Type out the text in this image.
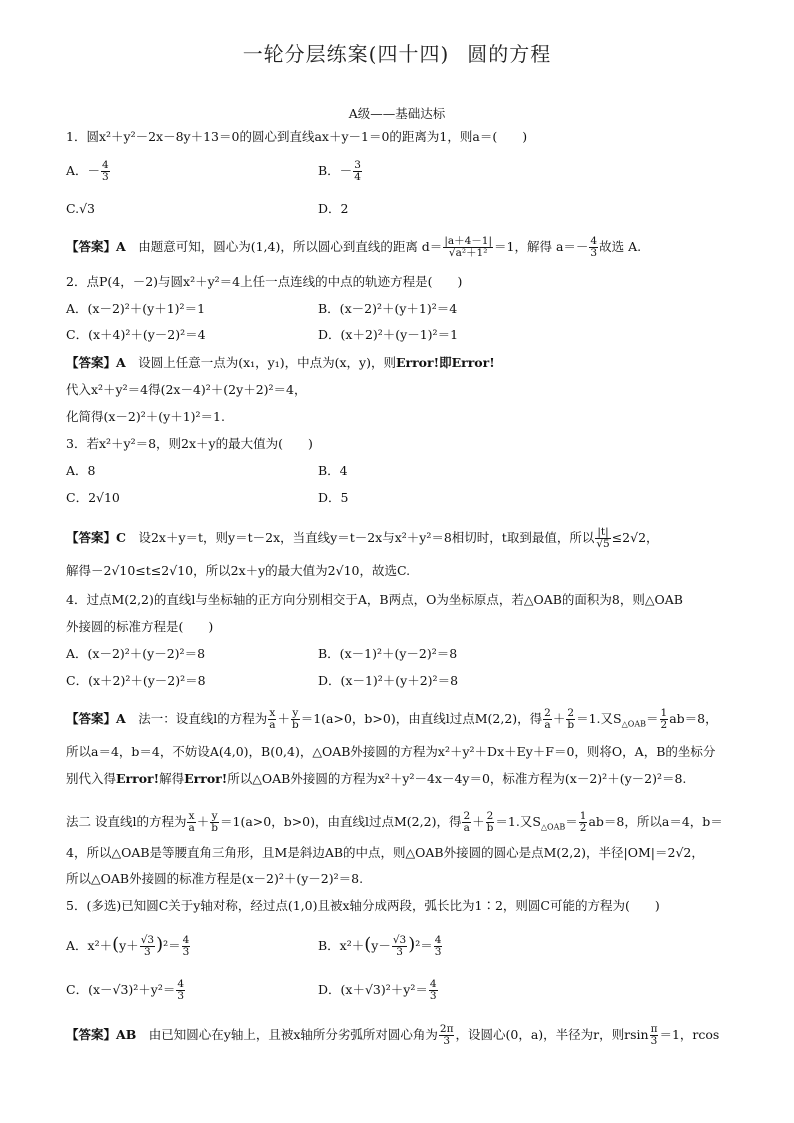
一轮分层练案(四十四) 圆的方程
A级——基础达标
1．圆x²＋y²－2x－8y＋13＝0的圆心到直线ax＋y－1＝0的距离为1，则a＝(　　)
A．－ $\frac{4}{3}$	B．－ $\frac{3}{4}$
C.√3	D．2
【答案】A　由题意可知，圆心为(1,4)，所以圆心到直线的距离 $d= \frac{|a+4-1|}{\text{√a²＋1²}} =1$，解得 $a=- \frac{4}{3}$ 故选 A.
2．点P(4，－2)与圆x²＋y²＝4上任一点连线的中点的轨迹方程是(　　)
A．(x－2)²＋(y＋1)²＝1	B．(x－2)²＋(y＋1)²＝4
C．(x＋4)²＋(y－2)²＝4	D．(x＋2)²＋(y－1)²＝1
【答案】A　设圆上任意一点为(x₁，y₁)，中点为(x，y)，则Error!即Error!
代入x²＋y²＝4得(2x－4)²＋(2y＋2)²＝4，
化简得(x－2)²＋(y＋1)²＝1.
3．若x²＋y²＝8，则2x＋y的最大值为(　　)
A．8	B．4
C．2√10	D．5
【答案】C　设2x＋y＝t，则y＝t－2x，当直线y＝t－2x与x²＋y²＝8相切时，t取到最值，所以 $\frac{|t|}{√5} \le 2√2$，
解得－2√10≤t≤2√10，所以2x＋y的最大值为2√10，故选C.
4．过点M(2,2)的直线l与坐标轴的正方向分别相交于A，B两点，O为坐标原点，若△OAB的面积为8，则△OAB
外接圆的标准方程是(　　)
A．(x－2)²＋(y－2)²＝8	B．(x－1)²＋(y－2)²＝8
C．(x＋2)²＋(y－2)²＝8	D．(x－1)²＋(y＋2)²＝8
【答案】A　法一：设直线l的方程为 $\frac{x}{a} + \frac{y}{b} =1(a>0$，b>0)，由直线l过点M(2,2)，得 $\frac{2}{a} + \frac{2}{b} =1$.又$S_{\triangle OAB}= \frac{1}{2} ab=8$，
所以a＝4，b＝4，不妨设A(4,0)，B(0,4)，△OAB外接圆的方程为x²＋y²＋Dx＋Ey＋F＝0，则将O，A，B的坐标分
别代入得Error!解得Error!所以△OAB外接圆的方程为x²＋y²－4x－4y＝0，标准方程为(x－2)²＋(y－2)²＝8.
法二 设直线l的方程为 $\frac{x}{a} + \frac{y}{b} =1(a>0$，b>0)，由直线l过点M(2,2)，得 $\frac{2}{a} + \frac{2}{b} =1$.又$S_{\triangle OAB}= \frac{1}{2} ab=8$，所以a＝4，b＝
4，所以△OAB是等腰直角三角形，且M是斜边AB的中点，则△OAB外接圆的圆心是点M(2,2)，半径|OM|＝2√2，
所以△OAB外接圆的标准方程是(x－2)²＋(y－2)²＝8.
5．(多选)已知圆C关于y轴对称，经过点(1,0)且被x轴分成两段，弧长比为1∶2，则圆C可能的方程为(　　)
A．$x^2+(y+ \frac{√3}{3} )^2= \frac{4}{3}$	B．$x^2+(y- \frac{√3}{3} )^2= \frac{4}{3}$
C．$(x-√3)^2+y^2= \frac{4}{3}$	D．$(x+√3)^2+y^2= \frac{4}{3}$
【答案】AB　由已知圆心在y轴上，且被x轴所分劣弧所对圆心角为 $\frac{2\pi}{3}$ ，设圆心(0，a)，半径为r，则rsin $\frac{\pi}{3} =1$，rcos
